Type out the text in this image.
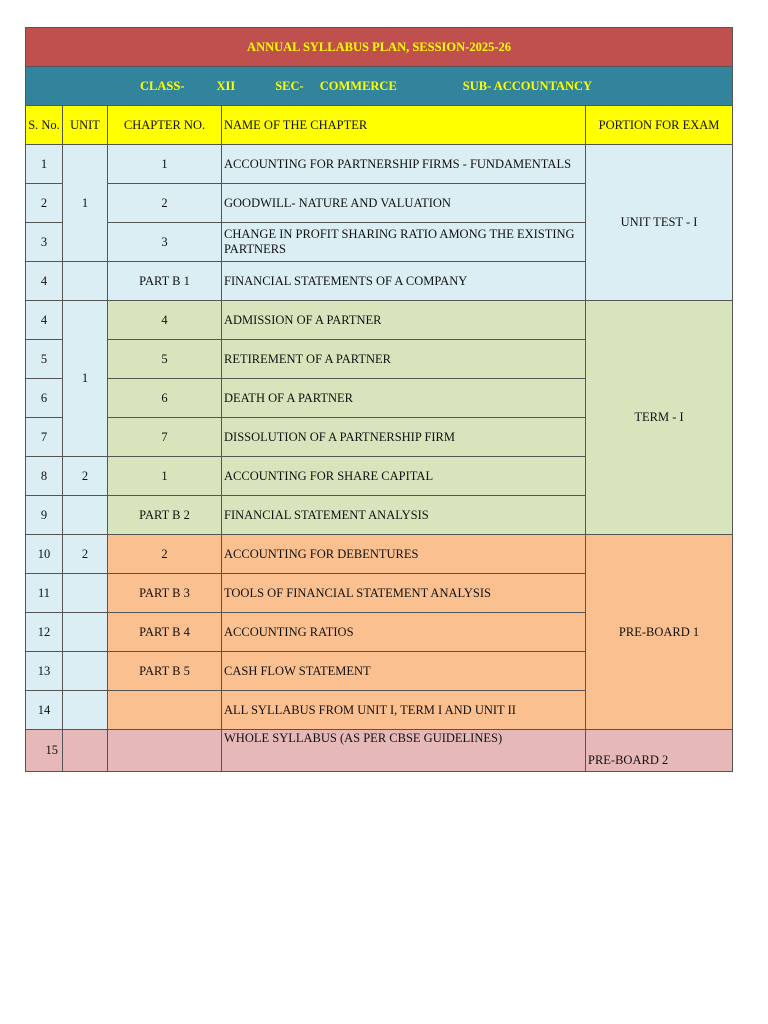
ANNUAL SYLLABUS PLAN, SESSION-2025-26				

CLASS- XII SEC- COMMERCE SUB- ACCOUNTANCY				

S. No.	UNIT	CHAPTER NO.	NAME OF THE CHAPTER	PORTION FOR EXAM
1	1	1	ACCOUNTING FOR PARTNERSHIP FIRMS - FUNDAMENTALS	UNIT TEST - I
2		2	GOODWILL- NATURE AND VALUATION	
3		3	CHANGE IN PROFIT SHARING RATIO AMONG THE EXISTING PARTNERS	
4		PART B 1	FINANCIAL STATEMENTS OF A COMPANY	
4	1	4	ADMISSION OF A PARTNER	TERM - I
5		5	RETIREMENT OF A PARTNER	
6		6	DEATH OF A PARTNER	
7		7	DISSOLUTION OF A PARTNERSHIP FIRM	
8	2	1	ACCOUNTING FOR SHARE CAPITAL	
9		PART B 2	FINANCIAL STATEMENT ANALYSIS	
10	2	2	ACCOUNTING FOR DEBENTURES	PRE-BOARD 1
11		PART B 3	TOOLS OF FINANCIAL STATEMENT ANALYSIS	
12		PART B 4	ACCOUNTING RATIOS	
13		PART B 5	CASH FLOW STATEMENT	
14			ALL SYLLABUS FROM UNIT I, TERM I AND UNIT II	
15			WHOLE SYLLABUS (AS PER CBSE GUIDELINES)	PRE-BOARD 2
